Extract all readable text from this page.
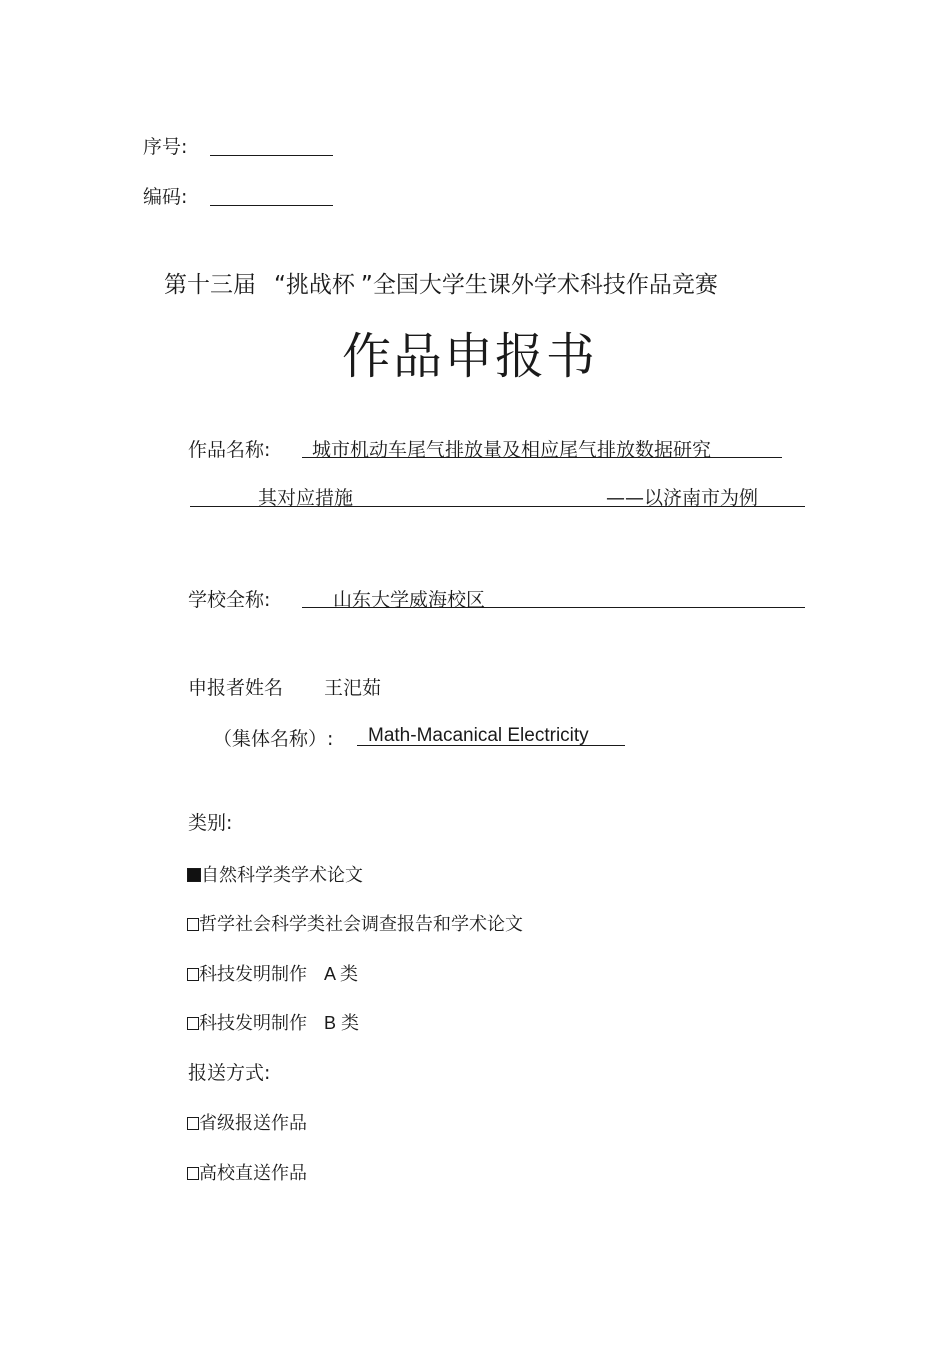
序号:
编码:
第十三届 “挑战杯 ”全国大学生课外学术科技作品竞赛
作品申报书
作品名称: 城市机动车尾气排放量及相应尾气排放数据研究
其对应措施	——以济南市为例
学校全称:	山东大学威海校区
申报者姓名 王汜茹
（集体名称）: Math-Macanical Electricity
类别:
自然科学类学术论文
哲学社会科学类社会调查报告和学术论文
科技发明制作 A 类
科技发明制作 B 类
报送方式:
省级报送作品
高校直送作品
